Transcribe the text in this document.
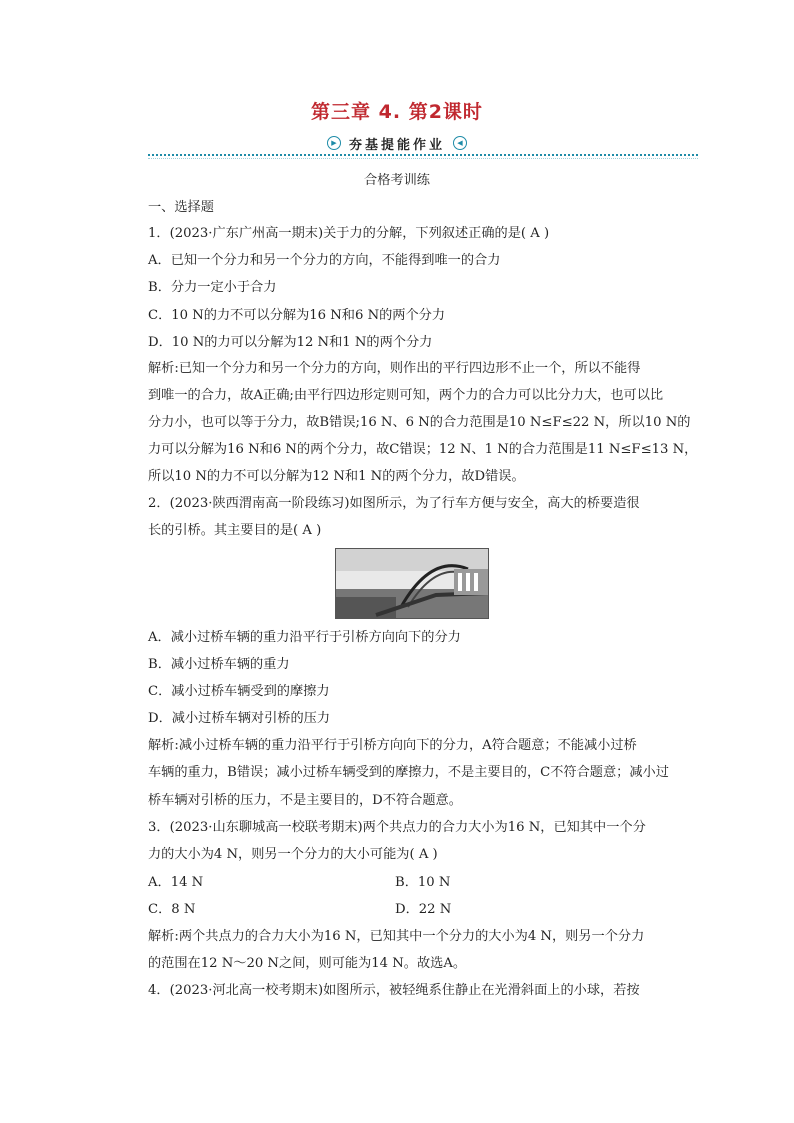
第三章 4. 第2课时
▶ 夯基提能作业	◀
合格考训练
一、选择题
1．(2023·广东广州高一期末)关于力的分解，下列叙述正确的是( A )
A．已知一个分力和另一个分力的方向，不能得到唯一的合力
B．分力一定小于合力
C．10 N的力不可以分解为16 N和6 N的两个分力
D．10 N的力可以分解为12 N和1 N的两个分力
解析:已知一个分力和另一个分力的方向，则作出的平行四边形不止一个，所以不能得
到唯一的合力，故A正确;由平行四边形定则可知，两个力的合力可以比分力大，也可以比
分力小，也可以等于分力，故B错误;16 N、6 N的合力范围是10 N≤F≤22 N，所以10 N的
力可以分解为16 N和6 N的两个分力，故C错误；12 N、1 N的合力范围是11 N≤F≤13 N，
所以10 N的力不可以分解为12 N和1 N的两个分力，故D错误。
2．(2023·陕西渭南高一阶段练习)如图所示，为了行车方便与安全，高大的桥要造很
长的引桥。其主要目的是( A )
A．减小过桥车辆的重力沿平行于引桥方向向下的分力
B．减小过桥车辆的重力
C．减小过桥车辆受到的摩擦力
D．减小过桥车辆对引桥的压力
解析:减小过桥车辆的重力沿平行于引桥方向向下的分力，A符合题意；不能减小过桥
车辆的重力，B错误；减小过桥车辆受到的摩擦力，不是主要目的，C不符合题意；减小过
桥车辆对引桥的压力，不是主要目的，D不符合题意。
3．(2023·山东聊城高一校联考期末)两个共点力的合力大小为16 N，已知其中一个分
力的大小为4 N，则另一个分力的大小可能为( A )
A．14 N	B．10 N
C．8 N	D．22 N
解析:两个共点力的合力大小为16 N，已知其中一个分力的大小为4 N，则另一个分力
的范围在12 N～20 N之间，则可能为14 N。故选A。
4．(2023·河北高一校考期末)如图所示，被轻绳系住静止在光滑斜面上的小球，若按
